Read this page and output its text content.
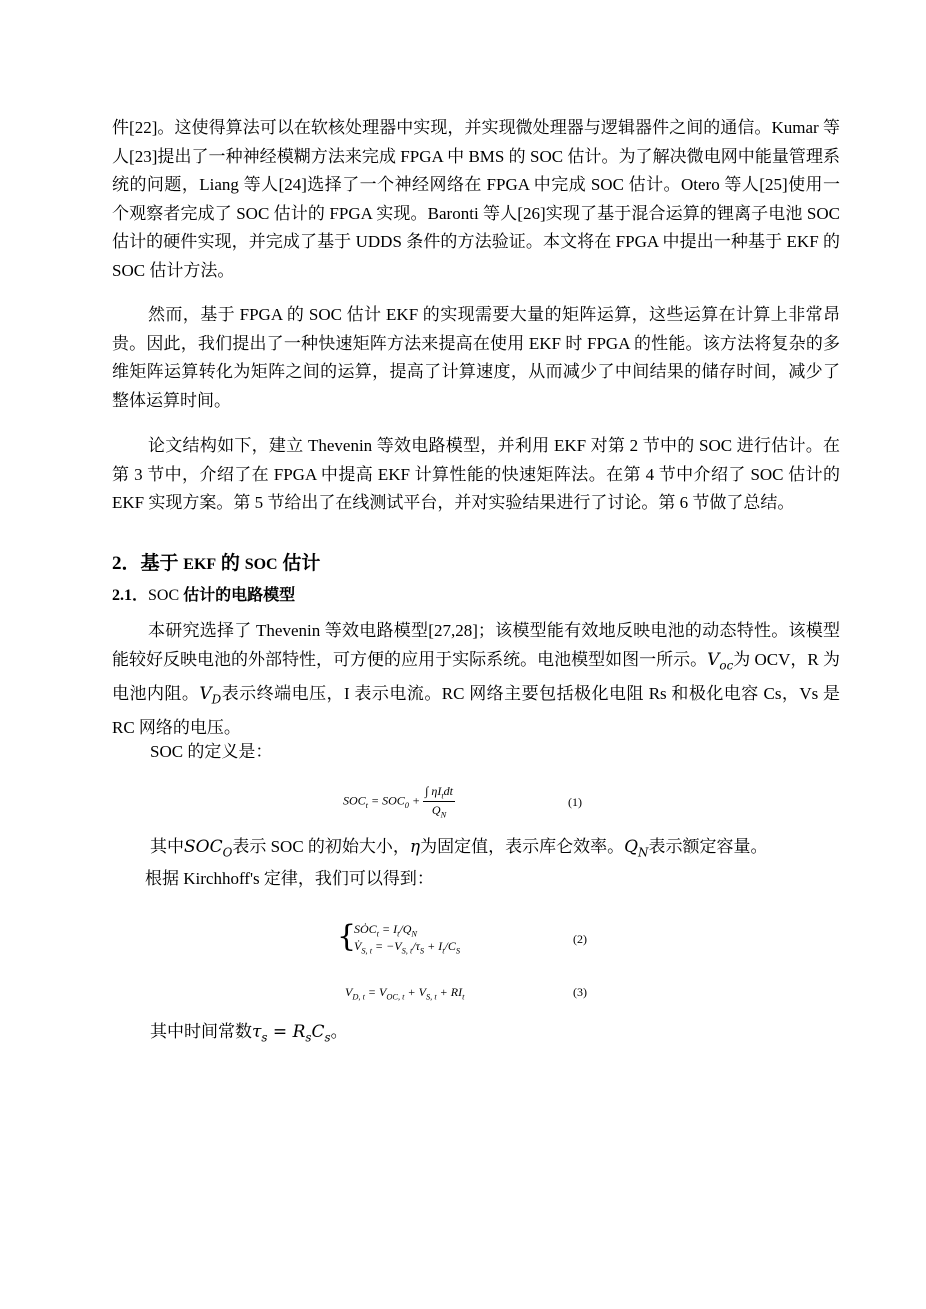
件[22]。这使得算法可以在软核处理器中实现，并实现微处理器与逻辑器件之间的通信。Kumar 等人[23]提出了一种神经模糊方法来完成 FPGA 中 BMS 的 SOC 估计。为了解决微电网中能量管理系统的问题，Liang 等人[24]选择了一个神经网络在 FPGA 中完成 SOC 估计。Otero 等人[25]使用一个观察者完成了 SOC 估计的 FPGA 实现。Baronti 等人[26]实现了基于混合运算的锂离子电池 SOC 估计的硬件实现，并完成了基于 UDDS 条件的方法验证。本文将在 FPGA 中提出一种基于 EKF 的 SOC 估计方法。

然而，基于 FPGA 的 SOC 估计 EKF 的实现需要大量的矩阵运算，这些运算在计算上非常昂贵。因此，我们提出了一种快速矩阵方法来提高在使用 EKF 时 FPGA 的性能。该方法将复杂的多维矩阵运算转化为矩阵之间的运算，提高了计算速度，从而减少了中间结果的储存时间，减少了整体运算时间。

论文结构如下，建立 Thevenin 等效电路模型，并利用 EKF 对第 2 节中的 SOC 进行估计。在第 3 节中，介绍了在 FPGA 中提高 EKF 计算性能的快速矩阵法。在第 4 节中介绍了 SOC 估计的 EKF 实现方案。第 5 节给出了在线测试平台，并对实验结果进行了讨论。第 6 节做了总结。

2．基于 EKF 的 SOC 估计
2.1．SOC 估计的电路模型

本研究选择了 Thevenin 等效电路模型[27,28]；该模型能有效地反映电池的动态特性。该模型能较好反映电池的外部特性，可方便的应用于实际系统。电池模型如图一所示。$V_{oc}$为 OCV，R 为电池内阻。$V_D$表示终端电压，I 表示电流。RC 网络主要包括极化电阻 Rs 和极化电容 Cs，Vs 是 RC 网络的电压。

SOC 的定义是：

$SOC_t = SOC_0 + \frac{\int \eta I_tdt}{Q_N}$	(1)

其中$SOC_O$表示 SOC 的初始大小，η为固定值，表示库仑效率。$Q_N$表示额定容量。

根据 Kirchhoff's 定律，我们可以得到：

{
$SȮC_t = I_t/Q_N$
$V̇_{S, t} = -V_{S, t}/\tau_S + I_t/C_S$
(2)
$V_{D, t} = V_{OC, t} + V_{S, t} + RI_t$	(3)

其中时间常数$\tau_s = R_sC_s$。
